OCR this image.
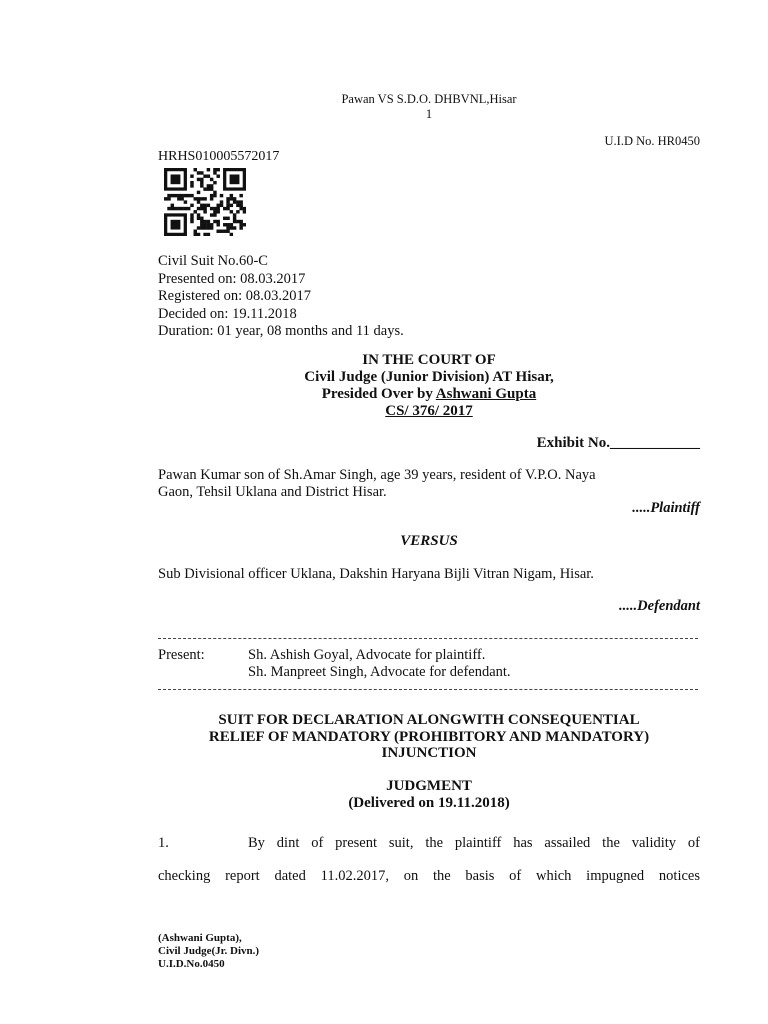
Pawan VS S.D.O. DHBVNL,Hisar
1
U.I.D No. HR0450
HRHS010005572017
Civil Suit No.60-C
Presented on: 08.03.2017
Registered on: 08.03.2017
Decided on: 19.11.2018
Duration: 01 year, 08 months and 11 days.
IN THE COURT OF
Civil Judge (Junior Division) AT Hisar,
Presided Over by Ashwani Gupta
CS/ 376/ 2017
Exhibit No.____________
Pawan Kumar son of Sh.Amar Singh, age 39 years, resident of V.P.O. Naya
Gaon, Tehsil Uklana and District Hisar.
.....Plaintiff
VERSUS
Sub Divisional officer Uklana, Dakshin Haryana Bijli Vitran Nigam, Hisar.
.....Defendant
Present:	Sh. Ashish Goyal, Advocate for plaintiff.
Sh. Manpreet Singh, Advocate for defendant.
SUIT FOR DECLARATION ALONGWITH CONSEQUENTIAL
RELIEF OF MANDATORY (PROHIBITORY AND MANDATORY)
INJUNCTION
JUDGMENT
(Delivered on 19.11.2018)
1.	By dint of present suit, the plaintiff has assailed the validity of
checking report dated 11.02.2017, on the basis of which impugned notices
(Ashwani Gupta),
Civil Judge(Jr. Divn.)
U.I.D.No.0450
